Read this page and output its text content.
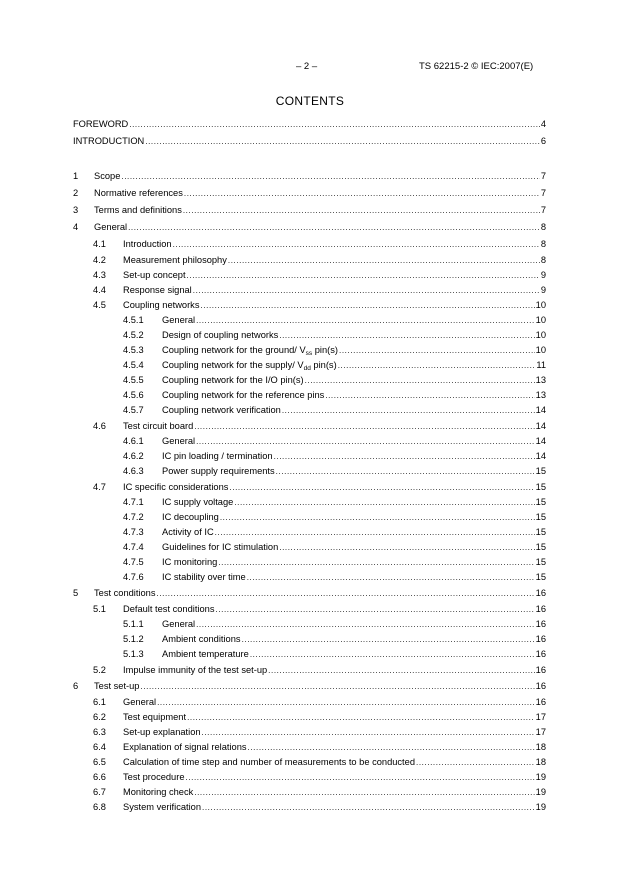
– 2 –	TS 62215-2 © IEC:2007(E)
CONTENTS
FOREWORD .....	4
INTRODUCTION .....	6
1	Scope .....	7
2	Normative references .....	7
3	Terms and definitions .....	7
4	General .....	8
4.1	Introduction .....	8
4.2	Measurement philosophy .....	8
4.3	Set-up concept .....	9
4.4	Response signal .....	9
4.5	Coupling networks .....	10
4.5.1	General .....	10
4.5.2	Design of coupling networks .....	10
4.5.3	Coupling network for the ground/ $V_{ss}$ pin(s) .....	10
4.5.4	Coupling network for the supply/ $V_{dd}$ pin(s) .....	11
4.5.5	Coupling network for the I/O pin(s) .....	13
4.5.6	Coupling network for the reference pins .....	13
4.5.7	Coupling network verification .....	14
4.6	Test circuit board .....	14
4.6.1	General .....	14
4.6.2	IC pin loading / termination .....	14
4.6.3	Power supply requirements .....	15
4.7	IC specific considerations .....	15
4.7.1	IC supply voltage .....	15
4.7.2	IC decoupling .....	15
4.7.3	Activity of IC .....	15
4.7.4	Guidelines for IC stimulation .....	15
4.7.5	IC monitoring .....	15
4.7.6	IC stability over time .....	15
5	Test conditions .....	16
5.1	Default test conditions .....	16
5.1.1	General .....	16
5.1.2	Ambient conditions .....	16
5.1.3	Ambient temperature .....	16
5.2	Impulse immunity of the test set-up .....	16
6	Test set-up .....	16
6.1	General .....	16
6.2	Test equipment .....	17
6.3	Set-up explanation .....	17
6.4	Explanation of signal relations .....	18
6.5	Calculation of time step and number of measurements to be conducted .....	18
6.6	Test procedure .....	19
6.7	Monitoring check .....	19
6.8	System verification .....	19
